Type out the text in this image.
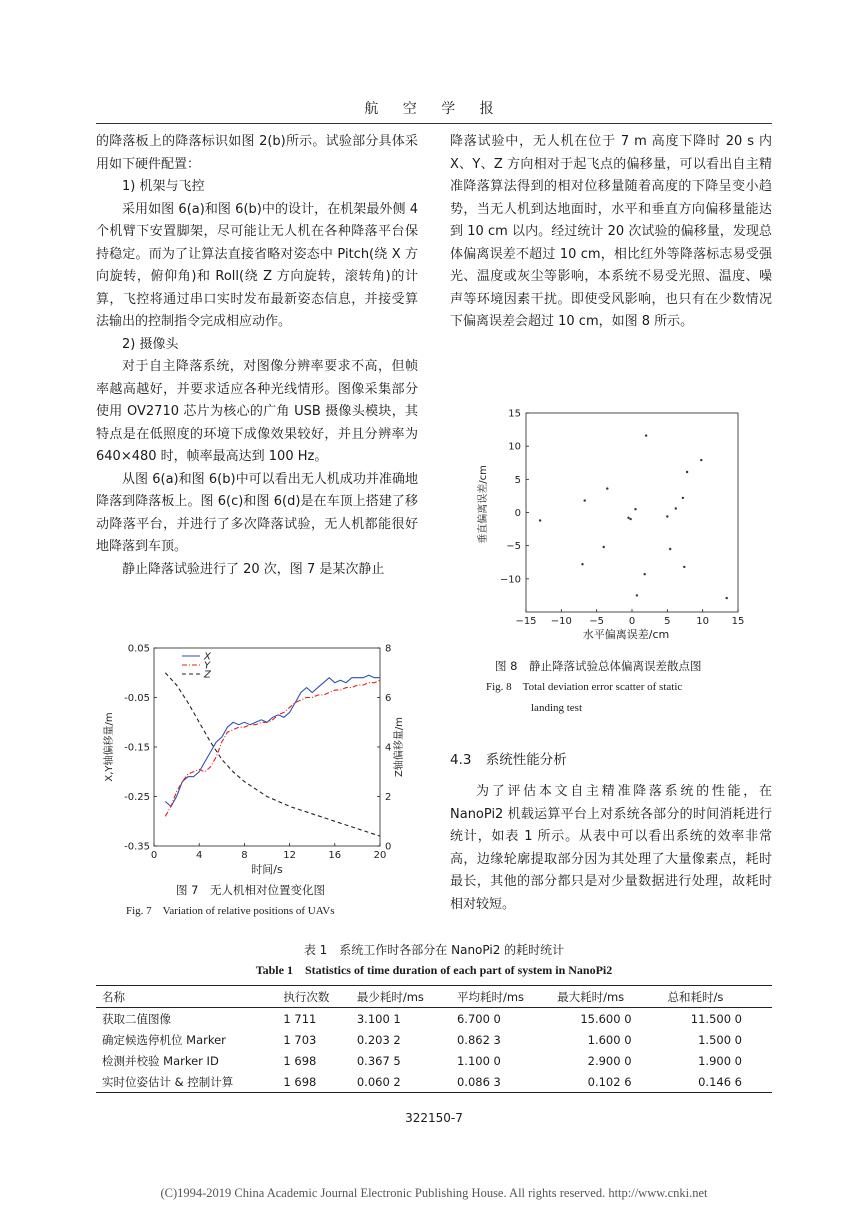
航 空 学 报

的降落板上的降落标识如图 2(b)所示。试验部分具体采用如下硬件配置：

1) 机架与飞控

采用如图 6(a)和图 6(b)中的设计，在机架最外侧 4 个机臂下安置脚架，尽可能让无人机在各种降落平台保持稳定。而为了让算法直接省略对姿态中 Pitch(绕 X 方向旋转，俯仰角)和 Roll(绕 Z 方向旋转，滚转角)的计算，飞控将通过串口实时发布最新姿态信息，并接受算法输出的控制指令完成相应动作。

2) 摄像头

对于自主降落系统，对图像分辨率要求不高，但帧率越高越好，并要求适应各种光线情形。图像采集部分使用 OV2710 芯片为核心的广角 USB 摄像头模块，其特点是在低照度的环境下成像效果较好，并且分辨率为 640×480 时，帧率最高达到 100 Hz。

从图 6(a)和图 6(b)中可以看出无人机成功并准确地降落到降落板上。图 6(c)和图 6(d)是在车顶上搭建了移动降落平台，并进行了多次降落试验，无人机都能很好地降落到车顶。

静止降落试验进行了 20 次，图 7 是某次静止

0	4	8	12	16	20
0.05
-0.05
-0.15
-0.25
-0.35
8
6
4
2
0
时间/s
X,Y轴偏移量/m	Z轴偏移量/m
X
Y
Z
图 7　无人机相对位置变化图
Fig. 7　Variation of relative positions of UAVs

降落试验中，无人机在位于 7 m 高度下降时 20 s 内 X、Y、Z 方向相对于起飞点的偏移量，可以看出自主精准降落算法得到的相对位移量随着高度的下降呈变小趋势，当无人机到达地面时，水平和垂直方向偏移量能达到 10 cm 以内。经过统计 20 次试验的偏移量，发现总体偏离误差不超过 10 cm，相比红外等降落标志易受强光、温度或灰尘等影响，本系统不易受光照、温度、噪声等环境因素干扰。即使受风影响，也只有在少数情况下偏离误差会超过 10 cm，如图 8 所示。

−15 −10 −5 0	5	10 15
15
10
5
0
−5
−10
水平偏离误差/cm
垂直偏离误差/cm
图 8　静止降落试验总体偏离误差散点图
Fig. 8　Total deviation error scatter of static
landing test
4.3 系统性能分析

为了评估本文自主精准降落系统的性能，在 NanoPi2 机载运算平台上对系统各部分的时间消耗进行统计，如表 1 所示。从表中可以看出系统的效率非常高，边缘轮廓提取部分因为其处理了大量像素点，耗时最长，其他的部分都只是对少量数据进行处理，故耗时相对较短。

表 1　系统工作时各部分在 NanoPi2 的耗时统计
Table 1　Statistics of time duration of each part of system in NanoPi2
名称	执行次数	最少耗时/ms	平均耗时/ms	最大耗时/ms	总和耗时/s
获取二值图像	1 711	3.100 1	6.700 0	15.600 0	11.500 0
确定候选停机位 Marker	1 703	0.203 2	0.862 3	1.600 0	1.500 0
检测并校验 Marker ID	1 698	0.367 5	1.100 0	2.900 0	1.900 0
实时位姿估计 & 控制计算	1 698	0.060 2	0.086 3	0.102 6	0.146 6
322150-7
(C)1994-2019 China Academic Journal Electronic Publishing House. All rights reserved. http://www.cnki.net
